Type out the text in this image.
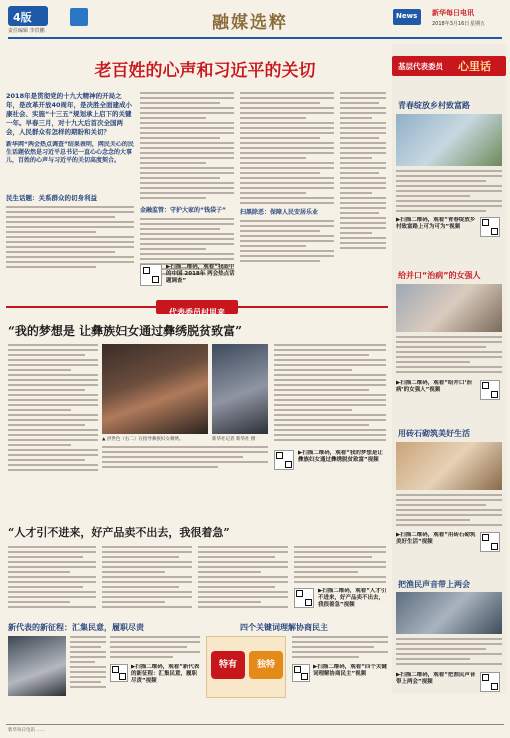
4版
责任编辑 李洪鹏	融媒选粹	News 新华每日电讯
2018年3月16日 星期五
老百姓的心声和习近平的关切
2018年是贯彻党的十九大精神的开局之年，是改革开放40周年，是决胜全面建成小康社会、实施“十三五”规划承上启下的关键一年。早春三月，对十九大后首次全国两会，人民群众有怎样的期盼和关切？
新华网“两会热点调查”结果表明，网民关心的民生话题依然是习近平总书记一直心心念念的大事儿，百姓的心声与习近平的关切高度契合。
民生话题：关系群众的切身利益
金融监管：守护大家的“钱袋子”	扫黑除恶：保障人民安居乐业
▶扫描二维码，观看“我眼中的中国 2018年 两会热点话题调查”
基层代表委员 心里话
青春绽放乡村致富路
▶扫描二维码，观看“青春绽放乡村致富路上可为可为”视频
给并口“治病”的女强人
▶扫描二维码，观看“给并口‘治病’的女强人”视频
用砖石砌筑美好生活
▶扫描二维码，观看“用砖石砌筑美好生活”视频
把渔民声音带上两会
▶扫描二维码，观看“把渔民声音带上两会”视频
代表委员村里来
“我的梦想是 让彝族妇女通过彝绣脱贫致富”
▲ 洪世色（右二）在指导彝族妇女刺绣。	新华社记者 新华社 摄
▶扫描二维码，观看“我的梦想是让彝族妇女通过彝绣脱贫致富”视频
“人才引不进来，好产品卖不出去，我很着急”
▶扫描二维码，观看“人才引不进来，好产品卖不出去，我很着急”视频
新代表的新征程：汇集民意，履职尽责
▶扫描二维码，观看“新代表的新征程：汇集民意，履职尽责”视频
四个关键词理解协商民主
特有	独特	▶扫描二维码，观看“四个关键词理解协商民主”视频
新华每日电讯 ……
